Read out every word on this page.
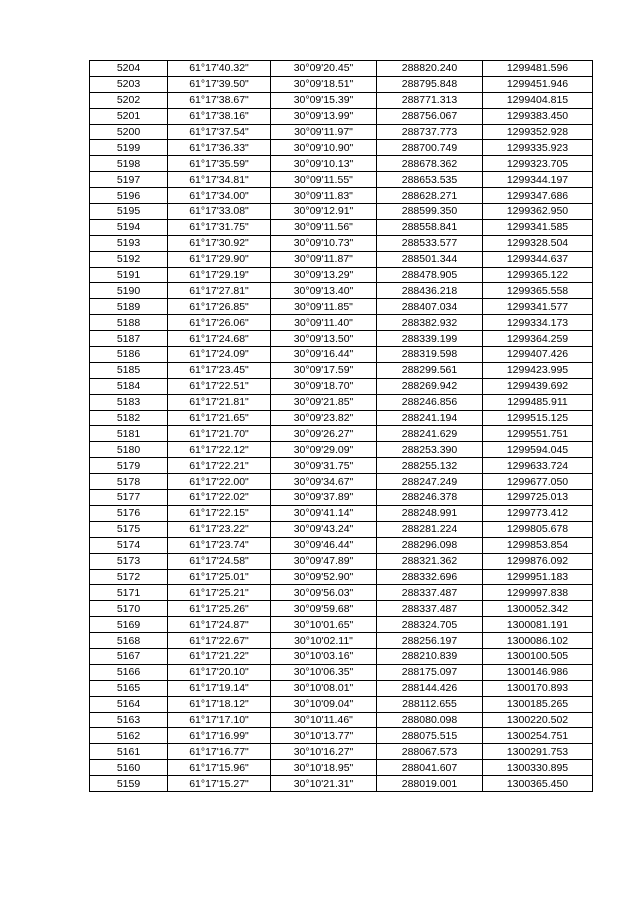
5204	61°17'40.32"	30°09'20.45"	288820.240	1299481.596
5203	61°17'39.50"	30°09'18.51"	288795.848	1299451.946
5202	61°17'38.67"	30°09'15.39"	288771.313	1299404.815
5201	61°17'38.16"	30°09'13.99"	288756.067	1299383.450
5200	61°17'37.54"	30°09'11.97"	288737.773	1299352.928
5199	61°17'36.33"	30°09'10.90"	288700.749	1299335.923
5198	61°17'35.59"	30°09'10.13"	288678.362	1299323.705
5197	61°17'34.81"	30°09'11.55"	288653.535	1299344.197
5196	61°17'34.00"	30°09'11.83"	288628.271	1299347.686
5195	61°17'33.08"	30°09'12.91"	288599.350	1299362.950
5194	61°17'31.75"	30°09'11.56"	288558.841	1299341.585
5193	61°17'30.92"	30°09'10.73"	288533.577	1299328.504
5192	61°17'29.90"	30°09'11.87"	288501.344	1299344.637
5191	61°17'29.19"	30°09'13.29"	288478.905	1299365.122
5190	61°17'27.81"	30°09'13.40"	288436.218	1299365.558
5189	61°17'26.85"	30°09'11.85"	288407.034	1299341.577
5188	61°17'26.06"	30°09'11.40"	288382.932	1299334.173
5187	61°17'24.68"	30°09'13.50"	288339.199	1299364.259
5186	61°17'24.09"	30°09'16.44"	288319.598	1299407.426
5185	61°17'23.45"	30°09'17.59"	288299.561	1299423.995
5184	61°17'22.51"	30°09'18.70"	288269.942	1299439.692
5183	61°17'21.81"	30°09'21.85"	288246.856	1299485.911
5182	61°17'21.65"	30°09'23.82"	288241.194	1299515.125
5181	61°17'21.70"	30°09'26.27"	288241.629	1299551.751
5180	61°17'22.12"	30°09'29.09"	288253.390	1299594.045
5179	61°17'22.21"	30°09'31.75"	288255.132	1299633.724
5178	61°17'22.00"	30°09'34.67"	288247.249	1299677.050
5177	61°17'22.02"	30°09'37.89"	288246.378	1299725.013
5176	61°17'22.15"	30°09'41.14"	288248.991	1299773.412
5175	61°17'23.22"	30°09'43.24"	288281.224	1299805.678
5174	61°17'23.74"	30°09'46.44"	288296.098	1299853.854
5173	61°17'24.58"	30°09'47.89"	288321.362	1299876.092
5172	61°17'25.01"	30°09'52.90"	288332.696	1299951.183
5171	61°17'25.21"	30°09'56.03"	288337.487	1299997.838
5170	61°17'25.26"	30°09'59.68"	288337.487	1300052.342
5169	61°17'24.87"	30°10'01.65"	288324.705	1300081.191
5168	61°17'22.67"	30°10'02.11"	288256.197	1300086.102
5167	61°17'21.22"	30°10'03.16"	288210.839	1300100.505
5166	61°17'20.10"	30°10'06.35"	288175.097	1300146.986
5165	61°17'19.14"	30°10'08.01"	288144.426	1300170.893
5164	61°17'18.12"	30°10'09.04"	288112.655	1300185.265
5163	61°17'17.10"	30°10'11.46"	288080.098	1300220.502
5162	61°17'16.99"	30°10'13.77"	288075.515	1300254.751
5161	61°17'16.77"	30°10'16.27"	288067.573	1300291.753
5160	61°17'15.96"	30°10'18.95"	288041.607	1300330.895
5159	61°17'15.27"	30°10'21.31"	288019.001	1300365.450
